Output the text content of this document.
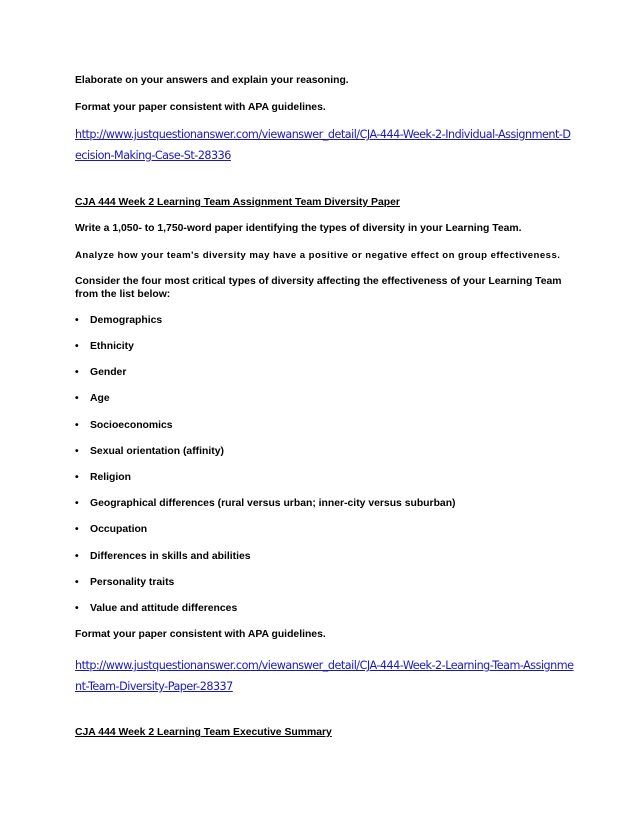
Elaborate on your answers and explain your reasoning.

Format your paper consistent with APA guidelines.

http://www.justquestionanswer.com/viewanswer_detail/CJA-444-Week-2-Individual-Assignment-Decision-Making-Case-St-28336

CJA 444 Week 2 Learning Team Assignment Team Diversity Paper

Write a 1,050- to 1,750-word paper identifying the types of diversity in your Learning Team.

Analyze how your team's diversity may have a positive or negative effect on group effectiveness.

Consider the four most critical types of diversity affecting the effectiveness of your Learning Team from the list below:

• Demographics
• Ethnicity
• Gender
• Age
• Socioeconomics
• Sexual orientation (affinity)
• Religion
• Geographical differences (rural versus urban; inner-city versus suburban)
• Occupation
• Differences in skills and abilities
• Personality traits
• Value and attitude differences

Format your paper consistent with APA guidelines.

http://www.justquestionanswer.com/viewanswer_detail/CJA-444-Week-2-Learning-Team-Assignment-Team-Diversity-Paper-28337

CJA 444 Week 2 Learning Team Executive Summary
